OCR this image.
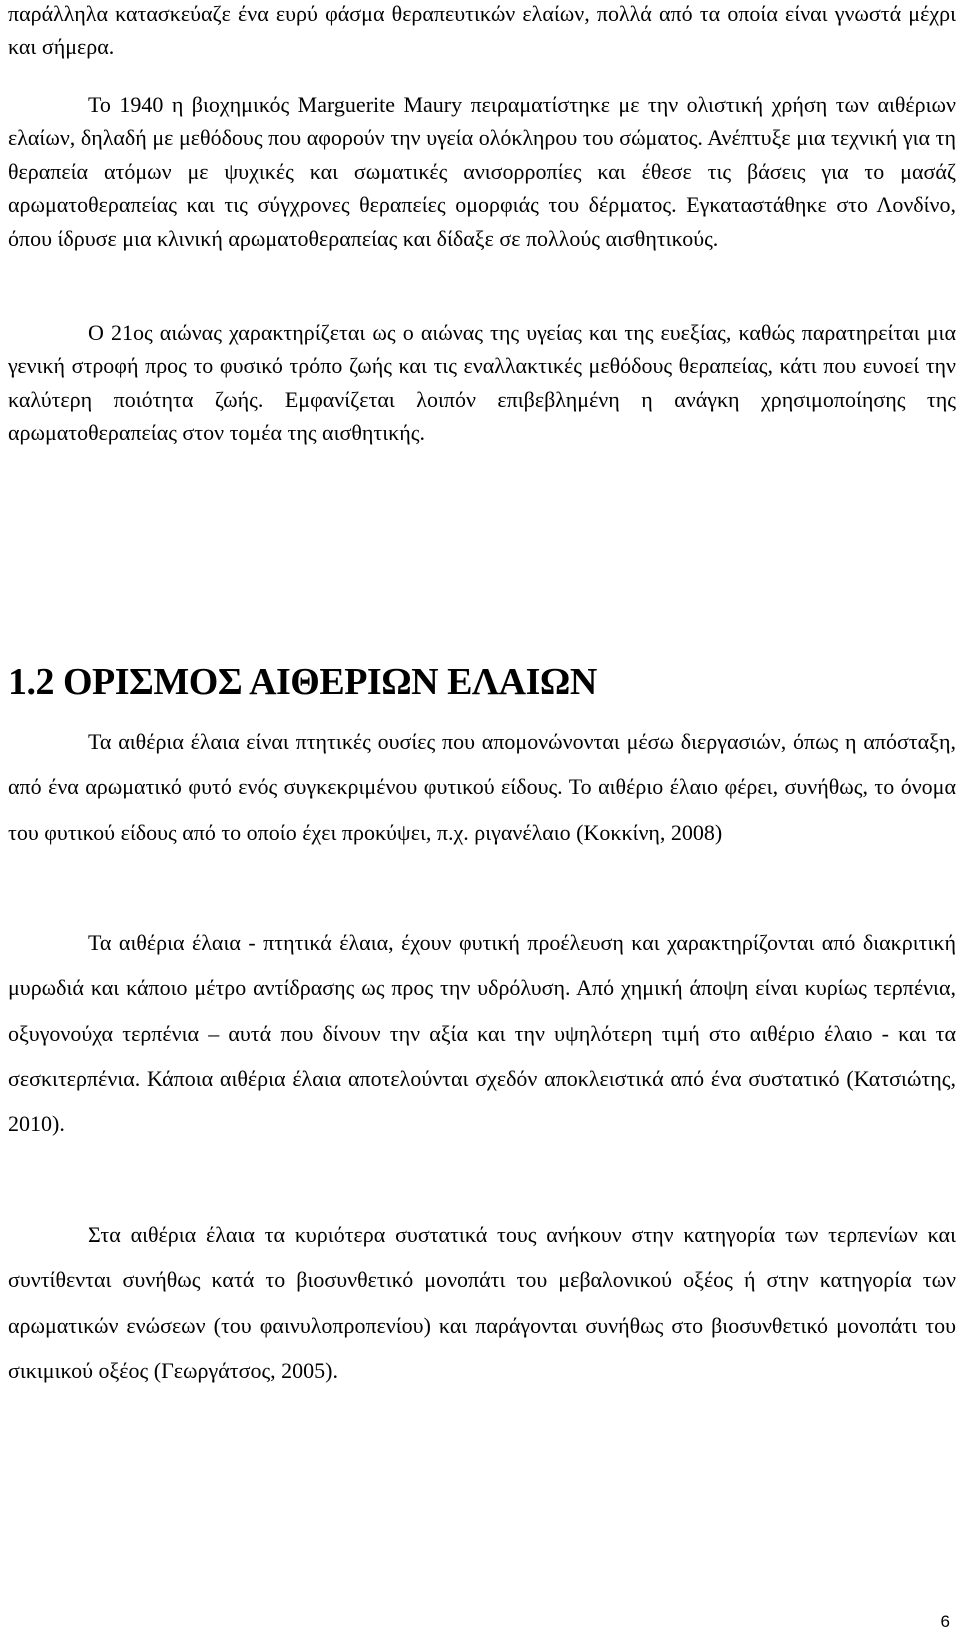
παράλληλα κατασκεύαζε ένα ευρύ φάσμα θεραπευτικών ελαίων, πολλά από τα οποία είναι γνωστά μέχρι και σήμερα.

Το 1940 η βιοχημικός Marguerite Maury πειραματίστηκε με την ολιστική χρήση των αιθέριων ελαίων, δηλαδή με μεθόδους που αφορούν την υγεία ολόκληρου του σώματος. Ανέπτυξε μια τεχνική για τη θεραπεία ατόμων με ψυχικές και σωματικές ανισορροπίες και έθεσε τις βάσεις για το μασάζ αρωματοθεραπείας και τις σύγχρονες θεραπείες ομορφιάς του δέρματος. Εγκαταστάθηκε στο Λονδίνο, όπου ίδρυσε μια κλινική αρωματοθεραπείας και δίδαξε σε πολλούς αισθητικούς.

Ο 21ος αιώνας χαρακτηρίζεται ως ο αιώνας της υγείας και της ευεξίας, καθώς παρατηρείται μια γενική στροφή προς το φυσικό τρόπο ζωής και τις εναλλακτικές μεθόδους θεραπείας, κάτι που ευνοεί την καλύτερη ποιότητα ζωής. Εμφανίζεται λοιπόν επιβεβλημένη η ανάγκη χρησιμοποίησης της αρωματοθεραπείας στον τομέα της αισθητικής.

1.2 ΟΡΙΣΜΟΣ ΑΙΘΕΡΙΩΝ ΕΛΑΙΩΝ

Τα αιθέρια έλαια είναι πτητικές ουσίες που απομονώνονται μέσω διεργασιών, όπως η απόσταξη, από ένα αρωματικό φυτό ενός συγκεκριμένου φυτικού είδους. Το αιθέριο έλαιο φέρει, συνήθως, το όνομα του φυτικού είδους από το οποίο έχει προκύψει, π.χ. ριγανέλαιο (Κοκκίνη, 2008)

Τα αιθέρια έλαια - πτητικά έλαια, έχουν φυτική προέλευση και χαρακτηρίζονται από διακριτική μυρωδιά και κάποιο μέτρο αντίδρασης ως προς την υδρόλυση. Από χημική άποψη είναι κυρίως τερπένια, οξυγονούχα τερπένια – αυτά που δίνουν την αξία και την υψηλότερη τιμή στο αιθέριο έλαιο - και τα σεσκιτερπένια. Κάποια αιθέρια έλαια αποτελούνται σχεδόν αποκλειστικά από ένα συστατικό (Κατσιώτης, 2010).

Στα αιθέρια έλαια τα κυριότερα συστατικά τους ανήκουν στην κατηγορία των τερπενίων και συντίθενται συνήθως κατά το βιοσυνθετικό μονοπάτι του μεβαλονικού οξέος ή στην κατηγορία των αρωματικών ενώσεων (του φαινυλοπροπενίου) και παράγονται συνήθως στο βιοσυνθετικό μονοπάτι του σικιμικού οξέος (Γεωργάτσος, 2005).

6
